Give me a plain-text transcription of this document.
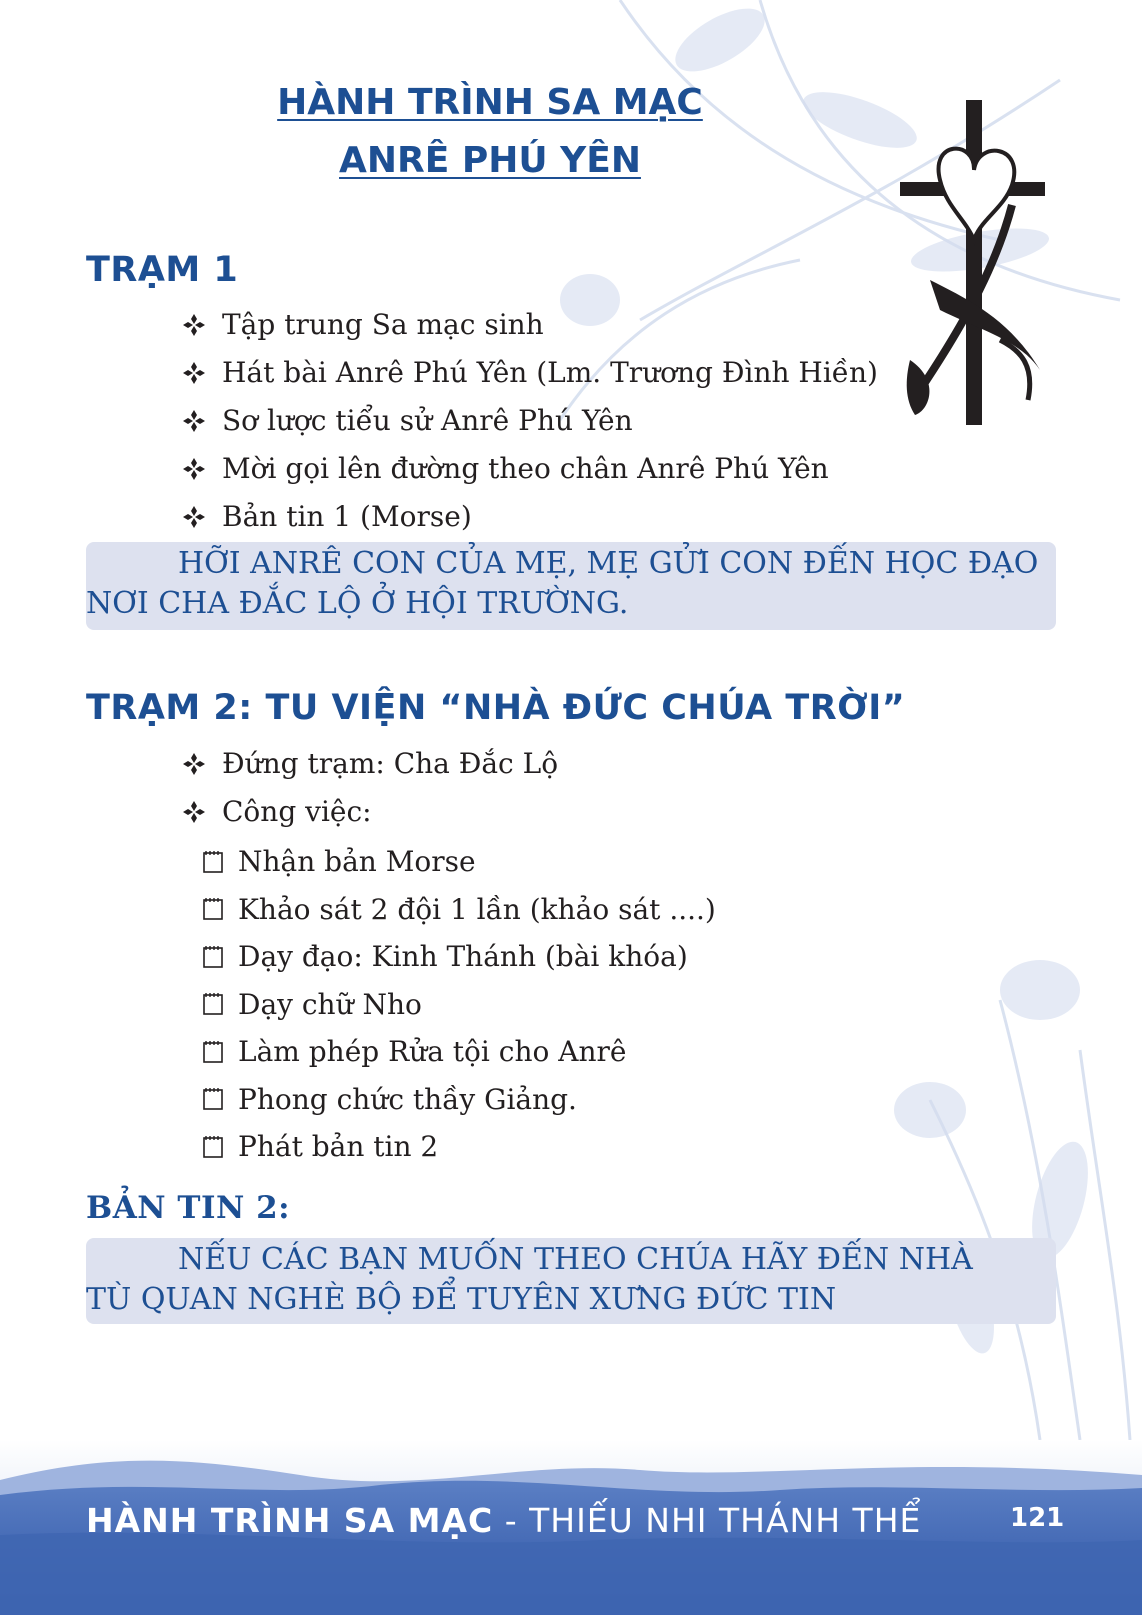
HÀNH TRÌNH SA MẠC
ANRÊ PHÚ YÊN
TRẠM 1
Tập trung Sa mạc sinh
Hát bài Anrê Phú Yên (Lm. Trương Đình Hiền)
Sơ lược tiểu sử Anrê Phú Yên
Mời gọi lên đường theo chân Anrê Phú Yên
Bản tin 1 (Morse)

HỠI ANRÊ CON CỦA MẸ, MẸ GỬI CON ĐẾN HỌC ĐẠO

NƠI CHA ĐẮC LỘ Ở HỘI TRƯỜNG.
TRẠM 2: TU VIỆN “NHÀ ĐỨC CHÚA TRỜI”
Đứng trạm: Cha Đắc Lộ
Công việc:
Nhận bản Morse
Khảo sát 2 đội 1 lần (khảo sát ....)
Dạy đạo: Kinh Thánh (bài khóa)
Dạy chữ Nho
Làm phép Rửa tội cho Anrê
Phong chức thầy Giảng.
Phát bản tin 2
BẢN TIN 2:

NẾU CÁC BẠN MUỐN THEO CHÚA HÃY ĐẾN NHÀ

TÙ QUAN NGHÈ BỘ ĐỂ TUYÊN XƯNG ĐỨC TIN

HÀNH TRÌNH SA MẠC - THIẾU NHI THÁNH THỂ	121
